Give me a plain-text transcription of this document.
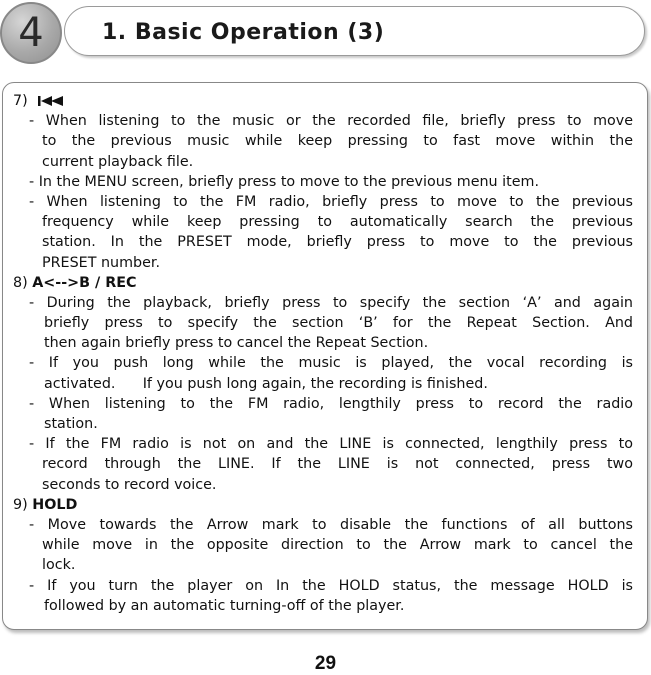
4	1. Basic Operation (3)
7)
- When listening to the music or the recorded file, briefly press to move
to the previous music while keep pressing to fast move within the
current playback file.
- In the MENU screen, briefly press to move to the previous menu item.
- When listening to the FM radio, briefly press to move to the previous
frequency while keep pressing to automatically search the previous
station. In the PRESET mode, briefly press to move to the previous
PRESET number.
8) A<-->B / REC
- During the playback, briefly press to specify the section ‘A’ and again
briefly press to specify the section ‘B’ for the Repeat Section. And
then again briefly press to cancel the Repeat Section.
- If you push long while the music is played, the vocal recording is
activated.      If you push long again, the recording is finished.
- When listening to the FM radio, lengthily press to record the radio
station.
- If the FM radio is not on and the LINE is connected, lengthily press to
record through the LINE. If the LINE is not connected, press two
seconds to record voice.
9) HOLD
- Move towards the Arrow mark to disable the functions of all buttons
while move in the opposite direction to the Arrow mark to cancel the
lock.
- If you turn the player on In the HOLD status, the message HOLD is
followed by an automatic turning-off of the player.
29
